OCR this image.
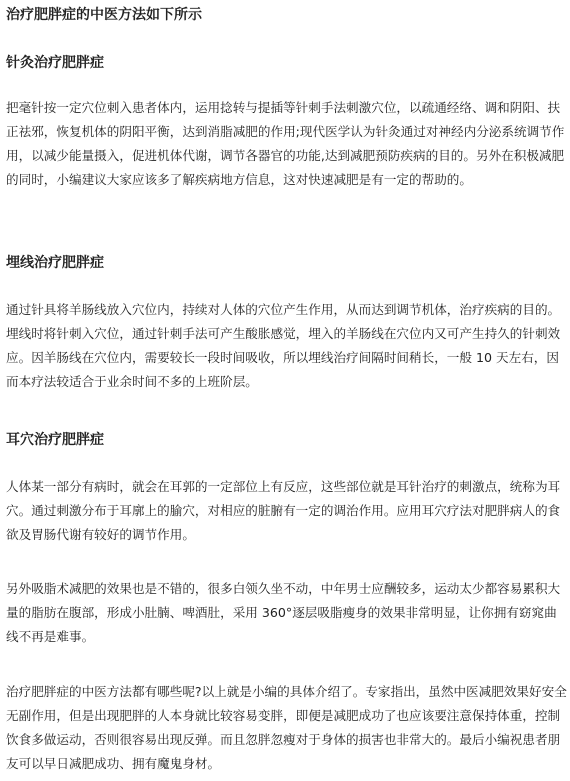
治疗肥胖症的中医方法如下所示
针灸治疗肥胖症

把毫针按一定穴位刺入患者体内，运用捻转与提插等针刺手法刺激穴位，以疏通经络、调和阴阳、扶正祛邪，恢复机体的阴阳平衡，达到消脂减肥的作用;现代医学认为针灸通过对神经内分泌系统调节作用，以减少能量摄入，促进机体代谢，调节各器官的功能,达到减肥预防疾病的目的。另外在积极减肥的同时，小编建议大家应该多了解疾病地方信息，这对快速减肥是有一定的帮助的。

埋线治疗肥胖症

通过针具将羊肠线放入穴位内，持续对人体的穴位产生作用，从而达到调节机体，治疗疾病的目的。埋线时将针刺入穴位，通过针刺手法可产生酸胀感觉，埋入的羊肠线在穴位内又可产生持久的针刺效应。因羊肠线在穴位内，需要较长一段时间吸收，所以埋线治疗间隔时间稍长，一般 10 天左右，因而本疗法较适合于业余时间不多的上班阶层。

耳穴治疗肥胖症

人体某一部分有病时，就会在耳郭的一定部位上有反应，这些部位就是耳针治疗的刺激点，统称为耳穴。通过刺激分布于耳廓上的腧穴，对相应的脏腑有一定的调治作用。应用耳穴疗法对肥胖病人的食欲及胃肠代谢有较好的调节作用。

另外吸脂术减肥的效果也是不错的，很多白领久坐不动，中年男士应酬较多，运动太少都容易累积大量的脂肪在腹部，形成小肚腩、啤酒肚，采用 360°逐层吸脂瘦身的效果非常明显，让你拥有窈窕曲线不再是难事。

治疗肥胖症的中医方法都有哪些呢?以上就是小编的具体介绍了。专家指出，虽然中医减肥效果好安全无副作用，但是出现肥胖的人本身就比较容易变胖，即便是减肥成功了也应该要注意保持体重，控制饮食多做运动，否则很容易出现反弹。而且忽胖忽瘦对于身体的损害也非常大的。最后小编祝患者朋友可以早日减肥成功、拥有魔鬼身材。
